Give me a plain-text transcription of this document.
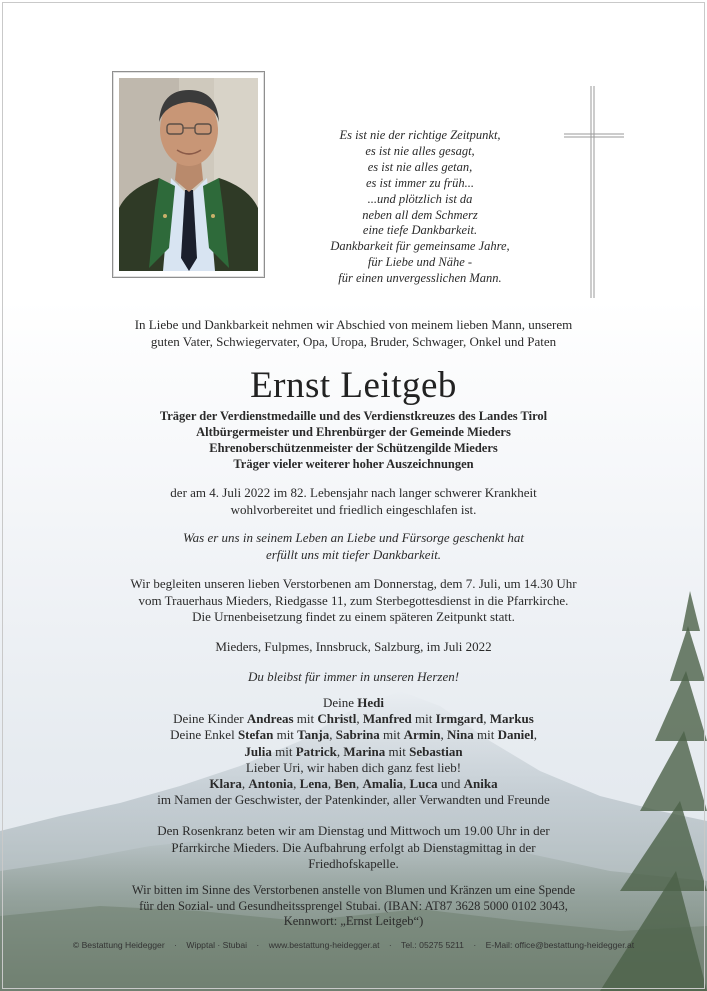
Es ist nie der richtige Zeitpunkt,
es ist nie alles gesagt,
es ist nie alles getan,
es ist immer zu früh...
...und plötzlich ist da
neben all dem Schmerz
eine tiefe Dankbarkeit.
Dankbarkeit für gemeinsame Jahre,
für Liebe und Nähe -
für einen unvergesslichen Mann.
In Liebe und Dankbarkeit nehmen wir Abschied von meinem lieben Mann, unserem
guten Vater, Schwiegervater, Opa, Uropa, Bruder, Schwager, Onkel und Paten
Ernst Leitgeb
Träger der Verdienstmedaille und des Verdienstkreuzes des Landes Tirol
Altbürgermeister und Ehrenbürger der Gemeinde Mieders
Ehrenoberschützenmeister der Schützengilde Mieders
Träger vieler weiterer hoher Auszeichnungen
der am 4. Juli 2022 im 82. Lebensjahr nach langer schwerer Krankheit
wohlvorbereitet und friedlich eingeschlafen ist.
Was er uns in seinem Leben an Liebe und Fürsorge geschenkt hat
erfüllt uns mit tiefer Dankbarkeit.
Wir begleiten unseren lieben Verstorbenen am Donnerstag, dem 7. Juli, um 14.30 Uhr
vom Trauerhaus Mieders, Riedgasse 11, zum Sterbegottesdienst in die Pfarrkirche.
Die Urnenbeisetzung findet zu einem späteren Zeitpunkt statt.
Mieders, Fulpmes, Innsbruck, Salzburg, im Juli 2022
Du bleibst für immer in unseren Herzen!
Deine Hedi
Deine Kinder Andreas mit Christl, Manfred mit Irmgard, Markus
Deine Enkel Stefan mit Tanja, Sabrina mit Armin, Nina mit Daniel,
Julia mit Patrick, Marina mit Sebastian
Lieber Uri, wir haben dich ganz fest lieb!
Klara, Antonia, Lena, Ben, Amalia, Luca und Anika
im Namen der Geschwister, der Patenkinder, aller Verwandten und Freunde
Den Rosenkranz beten wir am Dienstag und Mittwoch um 19.00 Uhr in der
Pfarrkirche Mieders. Die Aufbahrung erfolgt ab Dienstagmittag in der
Friedhofskapelle.
Wir bitten im Sinne des Verstorbenen anstelle von Blumen und Kränzen um eine Spende
für den Sozial- und Gesundheitssprengel Stubai. (IBAN: AT87 3628 5000 0102 3043,
Kennwort: „Ernst Leitgeb“)
© Bestattung Heidegger · Wipptal · Stubai · www.bestattung-heidegger.at · Tel.: 05275 5211 · E-Mail: office@bestattung-heidegger.at
